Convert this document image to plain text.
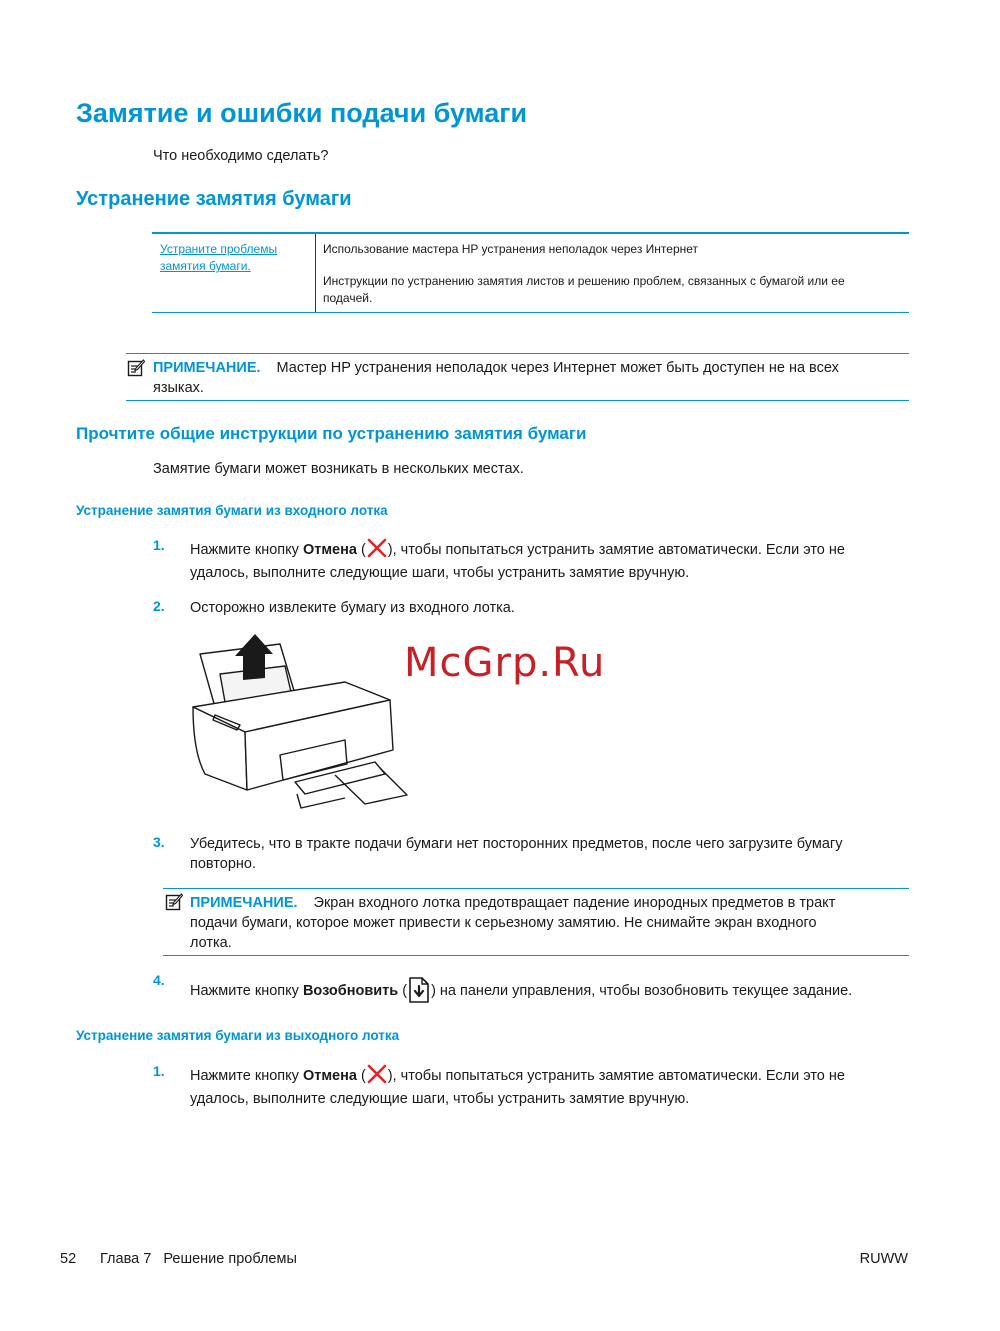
Замятие и ошибки подачи бумаги
Что необходимо сделать?
Устранение замятия бумаги
Устраните проблемы замятия бумаги.
Использование мастера HP устранения неполадок через Интернет
Инструкции по устранению замятия листов и решению проблем, связанных с бумагой или ее подачей.
ПРИМЕЧАНИЕ. Мастер HP устранения неполадок через Интернет может быть доступен не на всех
языках.
Прочтите общие инструкции по устранению замятия бумаги
Замятие бумаги может возникать в нескольких местах.
Устранение замятия бумаги из входного лотка
1. Нажмите кнопку Отмена ( ), чтобы попытаться устранить замятие автоматически. Если это не
удалось, выполните следующие шаги, чтобы устранить замятие вручную.
2. Осторожно извлеките бумагу из входного лотка.
McGrp.Ru
3. Убедитесь, что в тракте подачи бумаги нет посторонних предметов, после чего загрузите бумагу
повторно.
ПРИМЕЧАНИЕ. Экран входного лотка предотвращает падение инородных предметов в тракт
подачи бумаги, которое может привести к серьезному замятию. Не снимайте экран входного
лотка.
4.
Нажмите кнопку Возобновить ( ) на панели управления, чтобы возобновить текущее задание.
Устранение замятия бумаги из выходного лотка
1. Нажмите кнопку Отмена ( ), чтобы попытаться устранить замятие автоматически. Если это не
удалось, выполните следующие шаги, чтобы устранить замятие вручную.
52 Глава 7   Решение проблемы	RUWW
